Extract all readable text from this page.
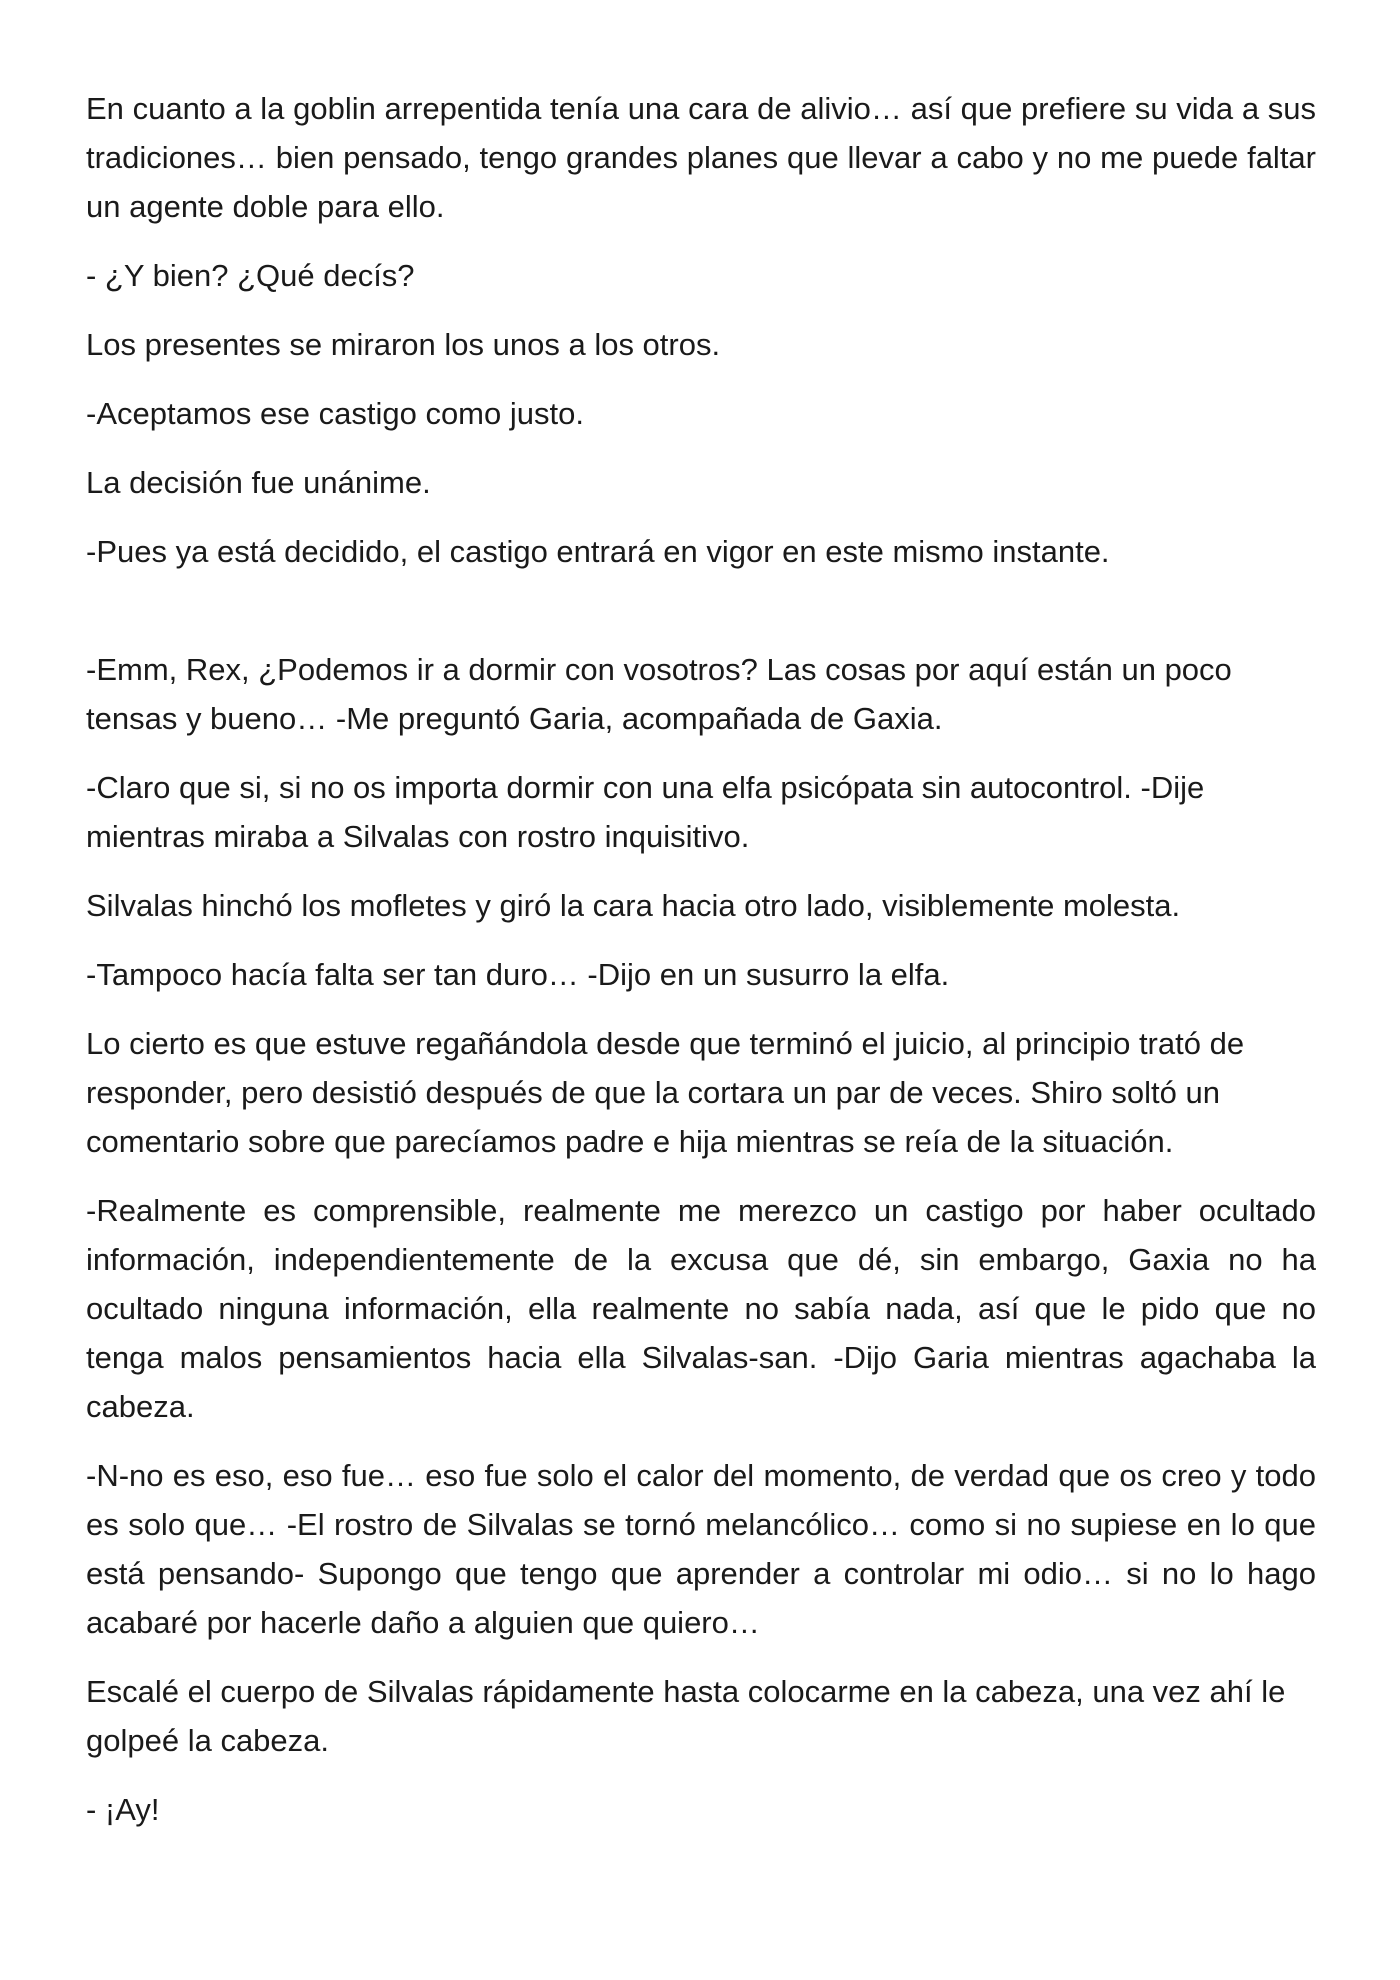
En cuanto a la goblin arrepentida tenía una cara de alivio… así que prefiere su vida a sus tradiciones… bien pensado, tengo grandes planes que llevar a cabo y no me puede faltar un agente doble para ello.

- ¿Y bien? ¿Qué decís?

Los presentes se miraron los unos a los otros.

-Aceptamos ese castigo como justo.

La decisión fue unánime.

-Pues ya está decidido, el castigo entrará en vigor en este mismo instante.

-Emm, Rex, ¿Podemos ir a dormir con vosotros? Las cosas por aquí están un poco tensas y bueno… -Me preguntó Garia, acompañada de Gaxia.

-Claro que si, si no os importa dormir con una elfa psicópata sin autocontrol. -Dije mientras miraba a Silvalas con rostro inquisitivo.

Silvalas hinchó los mofletes y giró la cara hacia otro lado, visiblemente molesta.

-Tampoco hacía falta ser tan duro… -Dijo en un susurro la elfa.

Lo cierto es que estuve regañándola desde que terminó el juicio, al principio trató de responder, pero desistió después de que la cortara un par de veces. Shiro soltó un comentario sobre que parecíamos padre e hija mientras se reía de la situación.

-Realmente es comprensible, realmente me merezco un castigo por haber ocultado información, independientemente de la excusa que dé, sin embargo, Gaxia no ha ocultado ninguna información, ella realmente no sabía nada, así que le pido que no tenga malos pensamientos hacia ella Silvalas-san. -Dijo Garia mientras agachaba la cabeza.

-N-no es eso, eso fue… eso fue solo el calor del momento, de verdad que os creo y todo es solo que… -El rostro de Silvalas se tornó melancólico… como si no supiese en lo que está pensando- Supongo que tengo que aprender a controlar mi odio… si no lo hago acabaré por hacerle daño a alguien que quiero…

Escalé el cuerpo de Silvalas rápidamente hasta colocarme en la cabeza, una vez ahí le golpeé la cabeza.

- ¡Ay!
